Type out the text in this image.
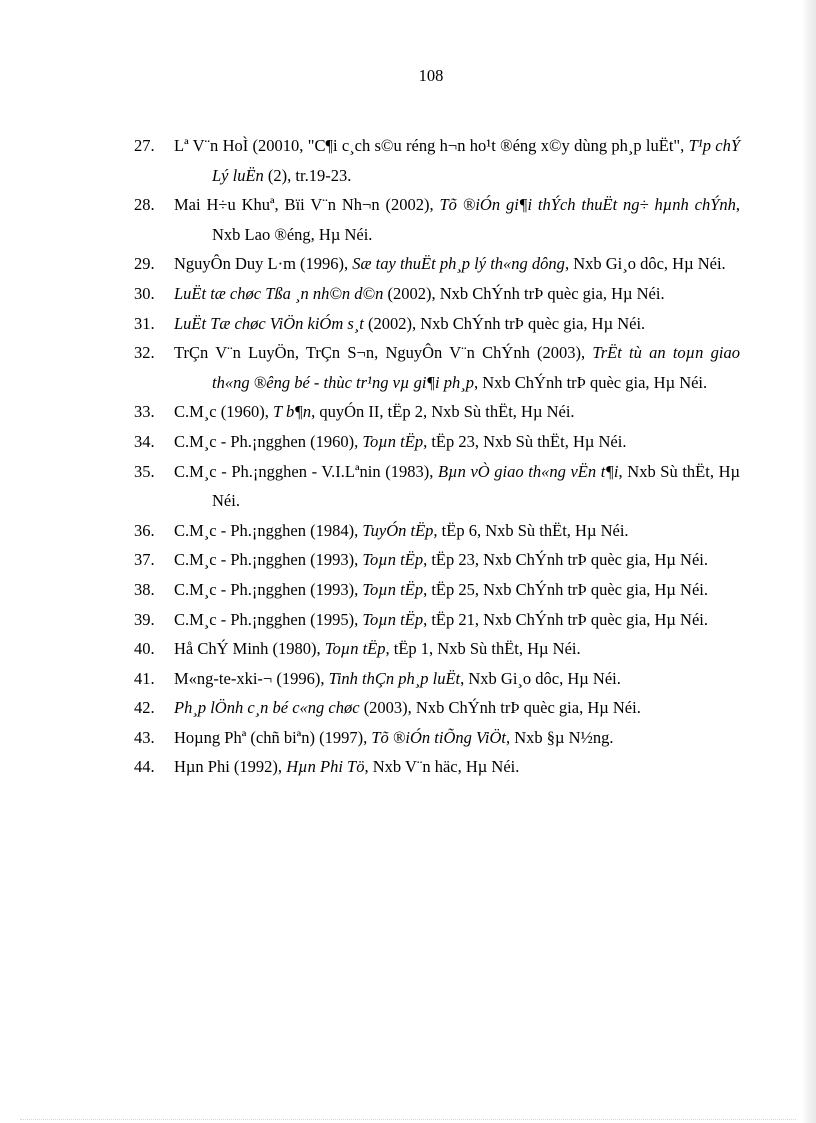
108

27. Lª V¨n HoÌ (20010, "C¶i c¸ch s©u réng h¬n ho¹t ®éng x©y dùng ph¸p luËt", T¹p chÝ Lý luËn (2), tr.19-23.

28. Mai H÷u Khuª, Bïi V¨n Nh¬n (2002), Tõ ®iÓn gi¶i thÝch thuËt ng÷ hµnh chÝnh, Nxb Lao ®éng, Hµ Néi.

29. NguyÔn Duy L·m (1996), Sæ tay thuËt ph¸p lý th«ng dông, Nxb Gi¸o dôc, Hµ Néi.

30. LuËt tæ chøc Tßa ¸n nh©n d©n (2002), Nxb ChÝnh trÞ quèc gia, Hµ Néi.

31. LuËt Tæ chøc ViÖn kiÓm s¸t (2002), Nxb ChÝnh trÞ quèc gia, Hµ Néi.

32. TrÇn V¨n LuyÖn, TrÇn S¬n, NguyÔn V¨n ChÝnh (2003), TrËt tù an toµn giao th«ng ®êng bé - thùc tr¹ng vµ gi¶i ph¸p, Nxb ChÝnh trÞ quèc gia, Hµ Néi.

33. C.M¸c (1960), T b¶n, quyÓn II, tËp 2, Nxb Sù thËt, Hµ Néi.

34. C.M¸c - Ph.¡ngghen (1960), Toµn tËp, tËp 23, Nxb Sù thËt, Hµ Néi.

35. C.M¸c - Ph.¡ngghen - V.I.Lªnin (1983), Bµn vÒ giao th«ng vËn t¶i, Nxb Sù thËt, Hµ Néi.

36. C.M¸c - Ph.¡ngghen (1984), TuyÓn tËp, tËp 6, Nxb Sù thËt, Hµ Néi.

37. C.M¸c - Ph.¡ngghen (1993), Toµn tËp, tËp 23, Nxb ChÝnh trÞ quèc gia, Hµ Néi.

38. C.M¸c - Ph.¡ngghen (1993), Toµn tËp, tËp 25, Nxb ChÝnh trÞ quèc gia, Hµ Néi.

39. C.M¸c - Ph.¡ngghen (1995), Toµn tËp, tËp 21, Nxb ChÝnh trÞ quèc gia, Hµ Néi.

40. Hå ChÝ Minh (1980), Toµn tËp, tËp 1, Nxb Sù thËt, Hµ Néi.

41. M«ng-te-xki-¬ (1996), Tinh thÇn ph¸p luËt, Nxb Gi¸o dôc, Hµ Néi.

42. Ph¸p lÖnh c¸n bé c«ng chøc (2003), Nxb ChÝnh trÞ quèc gia, Hµ Néi.

43. Hoµng Phª (chñ biªn) (1997), Tõ ®iÓn tiÕng ViÖt, Nxb §µ N½ng.

44. Hµn Phi (1992), Hµn Phi Tö, Nxb V¨n häc, Hµ Néi.
